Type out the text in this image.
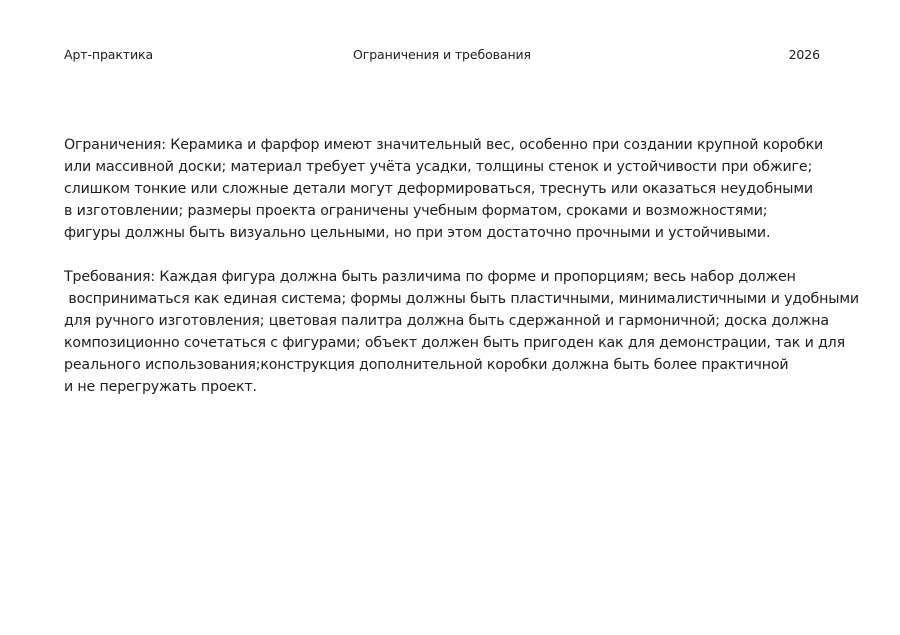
Арт-практика	Ограничения и требования	2026

Ограничения: Керамика и фарфор имеют значительный вес, особенно при создании крупной коробки
или массивной доски; материал требует учёта усадки, толщины стенок и устойчивости при обжиге;
слишком тонкие или сложные детали могут деформироваться, треснуть или оказаться неудобными
в изготовлении; размеры проекта ограничены учебным форматом, сроками и возможностями;
фигуры должны быть визуально цельными, но при этом достаточно прочными и устойчивыми.

Требования: Каждая фигура должна быть различима по форме и пропорциям; весь набор должен
восприниматься как единая система; формы должны быть пластичными, минималистичными и удобными
для ручного изготовления; цветовая палитра должна быть сдержанной и гармоничной; доска должна
композиционно сочетаться с фигурами; объект должен быть пригоден как для демонстрации, так и для
реального использования;конструкция дополнительной коробки должна быть более практичной
и не перегружать проект.
